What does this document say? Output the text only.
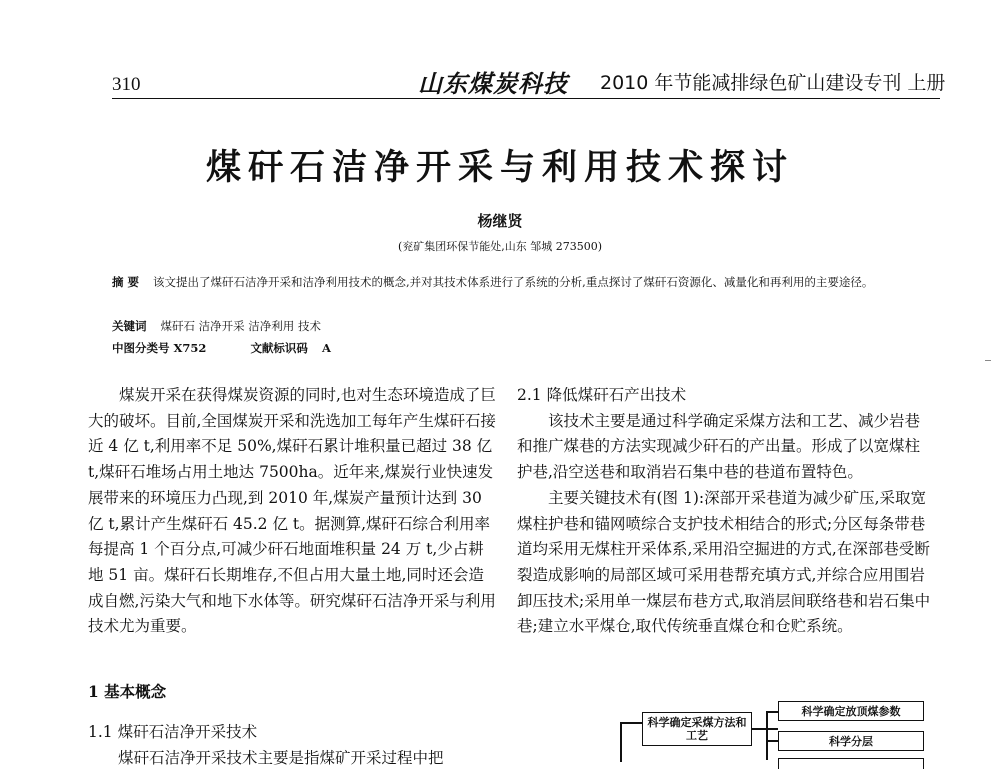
310	山东煤炭科技 2010 年节能减排绿色矿山建设专刊 上册
煤矸石洁净开采与利用技术探讨
杨继贤
(兖矿集团环保节能处,山东 邹城 273500)
摘 要 该文提出了煤矸石洁净开采和洁净利用技术的概念,并对其技术体系进行了系统的分析,重点探讨了煤矸石资源化、减量化和再利用的主要途径。
关键词 煤矸石 洁净开采 洁净利用 技术
中图分类号 X752	文献标识码 A

煤炭开采在获得煤炭资源的同时,也对生态环境造成了巨大的破坏。目前,全国煤炭开采和洗选加工每年产生煤矸石接近 4 亿 t,利用率不足 50%,煤矸石累计堆积量已超过 38 亿 t,煤矸石堆场占用土地达 7500ha。近年来,煤炭行业快速发展带来的环境压力凸现,到 2010 年,煤炭产量预计达到 30 亿 t,累计产生煤矸石 45.2 亿 t。据测算,煤矸石综合利用率每提高 1 个百分点,可减少矸石地面堆积量 24 万 t,少占耕地 51 亩。煤矸石长期堆存,不但占用大量土地,同时还会造成自燃,污染大气和地下水体等。研究煤矸石洁净开采与利用技术尤为重要。

1 基本概念
1.1 煤矸石洁净开采技术
煤矸石洁净开采技术主要是指煤矿开采过程中把

2.1 降低煤矸石产出技术

该技术主要是通过科学确定采煤方法和工艺、减少岩巷和推广煤巷的方法实现减少矸石的产出量。形成了以宽煤柱护巷,沿空送巷和取消岩石集中巷的巷道布置特色。

主要关键技术有(图 1):深部开采巷道为减少矿压,采取宽煤柱护巷和锚网喷综合支护技术相结合的形式;分区每条带巷道均采用无煤柱开采体系,采用沿空掘进的方式,在深部巷受断裂造成影响的局部区域可采用巷帮充填方式,并综合应用围岩卸压技术;采用单一煤层布巷方式,取消层间联络巷和岩石集中巷;建立水平煤仓,取代传统垂直煤仓和仓贮系统。

科学确定采煤方法和工艺
科学确定放顶煤参数
科学分层
